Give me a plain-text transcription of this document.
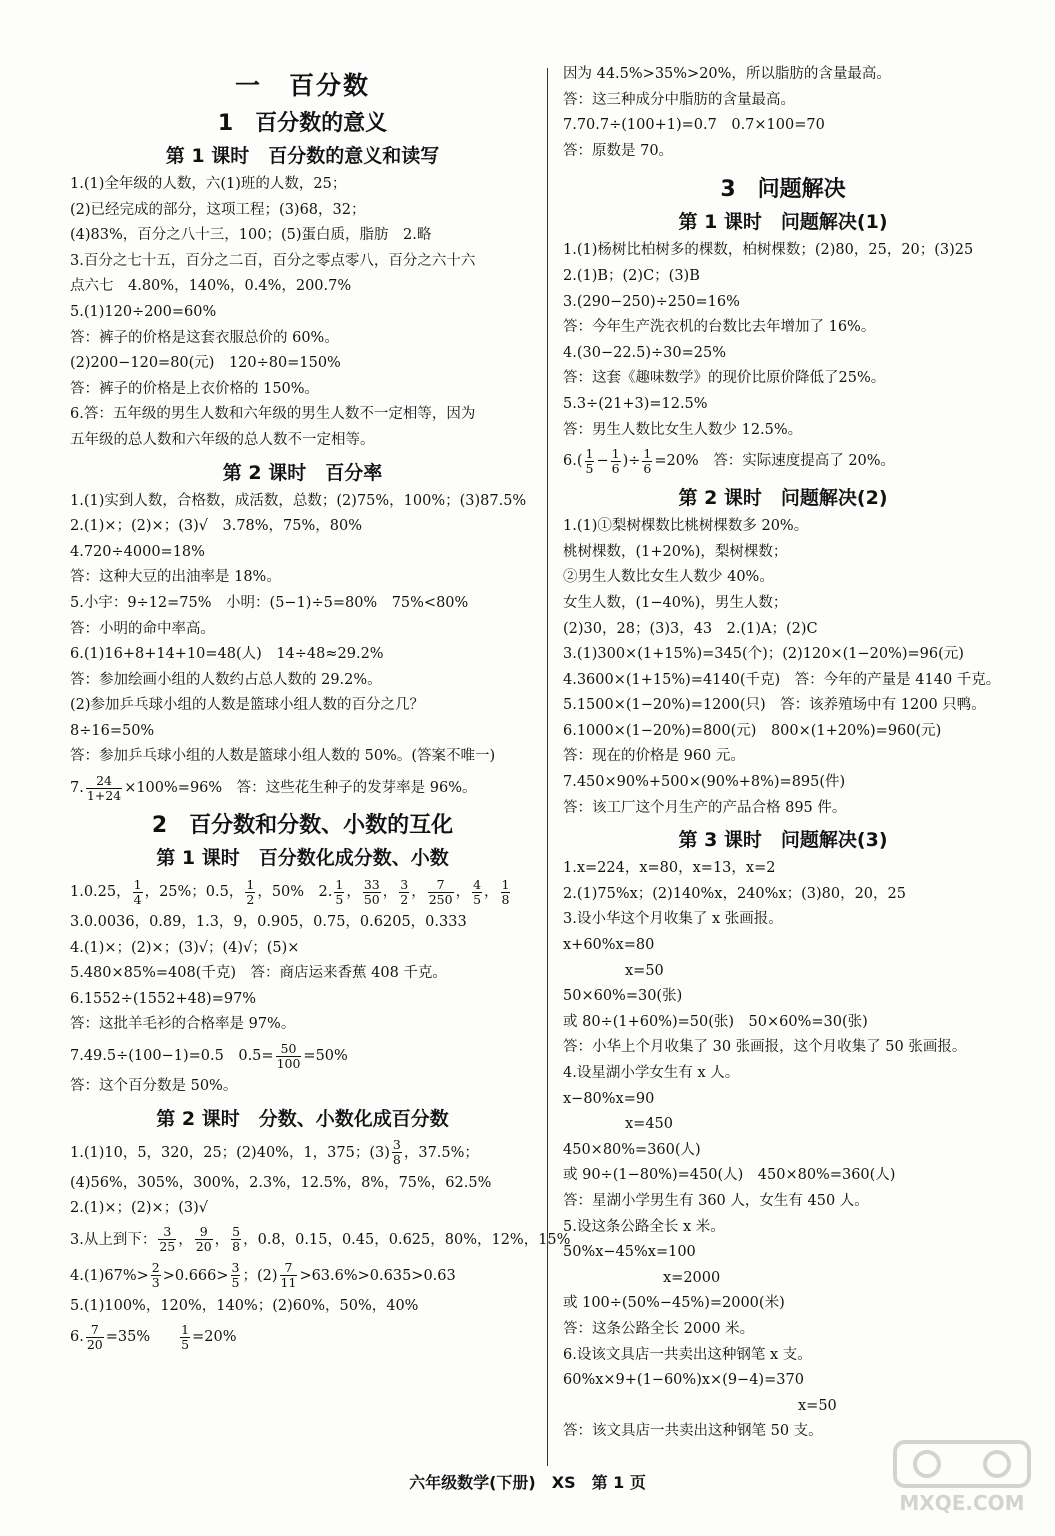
一　百分数
1　百分数的意义
第 1 课时　百分数的意义和读写
1.(1)全年级的人数，六(1)班的人数，25；
(2)已经完成的部分，这项工程；(3)68，32；
(4)83%，百分之八十三，100；(5)蛋白质，脂肪　2.略
3.百分之七十五，百分之二百，百分之零点零八，百分之六十六
点六七　4.80%，140%，0.4%，200.7%
5.(1)120÷200=60%
答：裤子的价格是这套衣服总价的 60%。
(2)200−120=80(元)　120÷80=150%
答：裤子的价格是上衣价格的 150%。
6.答：五年级的男生人数和六年级的男生人数不一定相等，因为
五年级的总人数和六年级的总人数不一定相等。
第 2 课时　百分率
1.(1)实到人数，合格数，成活数，总数；(2)75%，100%；(3)87.5%
2.(1)×；(2)×；(3)√　3.78%，75%，80%
4.720÷4000=18%
答：这种大豆的出油率是 18%。
5.小宇：9÷12=75%　小明：(5−1)÷5=80%　75%<80%
答：小明的命中率高。
6.(1)16+8+14+10=48(人)　14÷48≈29.2%
答：参加绘画小组的人数约占总人数的 29.2%。
(2)参加乒乓球小组的人数是篮球小组人数的百分之几？
8÷16=50%
答：参加乒乓球小组的人数是篮球小组人数的 50%。(答案不唯一)
7. $\frac{24}{1+24} \times 100\%=96\%$　答：这些花生种子的发芽率是 96%。
2　百分数和分数、小数的互化
第 1 课时　百分数化成分数、小数
1.0.25， $\frac{1}{4}$ ，25%；0.5， $\frac{1}{2}$ ，50%　2. $\frac{1}{5}$ ， $\frac{33}{50}$ ， $\frac{3}{2}$ ， $\frac{7}{250}$ ， $\frac{4}{5}$ ， $\frac{1}{8}$
3.0.0036，0.89，1.3，9，0.905，0.75，0.6205，0.333
4.(1)×；(2)×；(3)√；(4)√；(5)×
5.480×85%=408(千克)　答：商店运来香蕉 408 千克。
6.1552÷(1552+48)=97%
答：这批羊毛衫的合格率是 97%。
7.49.5÷(100−1)=0.5　$0.5= \frac{50}{100} =50\%$
答：这个百分数是 50%。
第 2 课时　分数、小数化成百分数
1.(1)10，5，320，25；(2)40%，1，375；$(3) \frac{3}{8}$ ，37.5%；
(4)56%，305%，300%，2.3%，12.5%，8%，75%，62.5%
2.(1)×；(2)×；(3)√
3.从上到下： $\frac{3}{25}$ ， $\frac{9}{20}$ ， $\frac{5}{8}$ ，0.8，0.15，0.45，0.625，80%，12%，15%
$4.(1)67\%> \frac{2}{3} >0.666> \frac{3}{5}$ ；$(2) \frac{7}{11} >63.6\%>0.635>0.63$
5.(1)100%，120%，140%；(2)60%，50%，40%
6. $\frac{7}{20} =35\% \frac{1}{5} =20\%$
因为 44.5%>35%>20%，所以脂肪的含量最高。
答：这三种成分中脂肪的含量最高。
7.70.7÷(100+1)=0.7　0.7×100=70
答：原数是 70。
3　问题解决
第 1 课时　问题解决(1)
1.(1)杨树比柏树多的棵数，柏树棵数；(2)80，25，20；(3)25
2.(1)B；(2)C；(3)B
3.(290−250)÷250=16%
答：今年生产洗衣机的台数比去年增加了 16%。
4.(30−22.5)÷30=25%
答：这套《趣味数学》的现价比原价降低了25%。
5.3÷(21+3)=12.5%
答：男生人数比女生人数少 12.5%。
$6.( \frac{1}{5} - \frac{1}{6}$ )÷ $\frac{1}{6} =20\%$　答：实际速度提高了 20%。
第 2 课时　问题解决(2)
1.(1)①梨树棵数比桃树棵数多 20%。
桃树棵数，(1+20%)，梨树棵数；
②男生人数比女生人数少 40%。
女生人数，(1−40%)，男生人数；
(2)30，28；(3)3，43　2.(1)A；(2)C
3.(1)300×(1+15%)=345(个)；(2)120×(1−20%)=96(元)
4.3600×(1+15%)=4140(千克)　答：今年的产量是 4140 千克。
5.1500×(1−20%)=1200(只)　答：该养殖场中有 1200 只鸭。
6.1000×(1−20%)=800(元)　800×(1+20%)=960(元)
答：现在的价格是 960 元。
7.450×90%+500×(90%+8%)=895(件)
答：该工厂这个月生产的产品合格 895 件。
第 3 课时　问题解决(3)
1.x=224，x=80，x=13，x=2
2.(1)75%x；(2)140%x，240%x；(3)80，20，25
3.设小华这个月收集了 x 张画报。
x+60%x=80
x=50
50×60%=30(张)
或 80÷(1+60%)=50(张)　50×60%=30(张)
答：小华上个月收集了 30 张画报，这个月收集了 50 张画报。
4.设星湖小学女生有 x 人。
x−80%x=90
x=450
450×80%=360(人)
或 90÷(1−80%)=450(人)　450×80%=360(人)
答：星湖小学男生有 360 人，女生有 450 人。
5.设这条公路全长 x 米。
50%x−45%x=100
x=2000
或 100÷(50%−45%)=2000(米)
答：这条公路全长 2000 米。
6.设该文具店一共卖出这种钢笔 x 支。
60%x×9+(1−60%)x×(9−4)=370
x=50
答：该文具店一共卖出这种钢笔 50 支。
六年级数学(下册)　XS　第 1 页
MXQE.COM
